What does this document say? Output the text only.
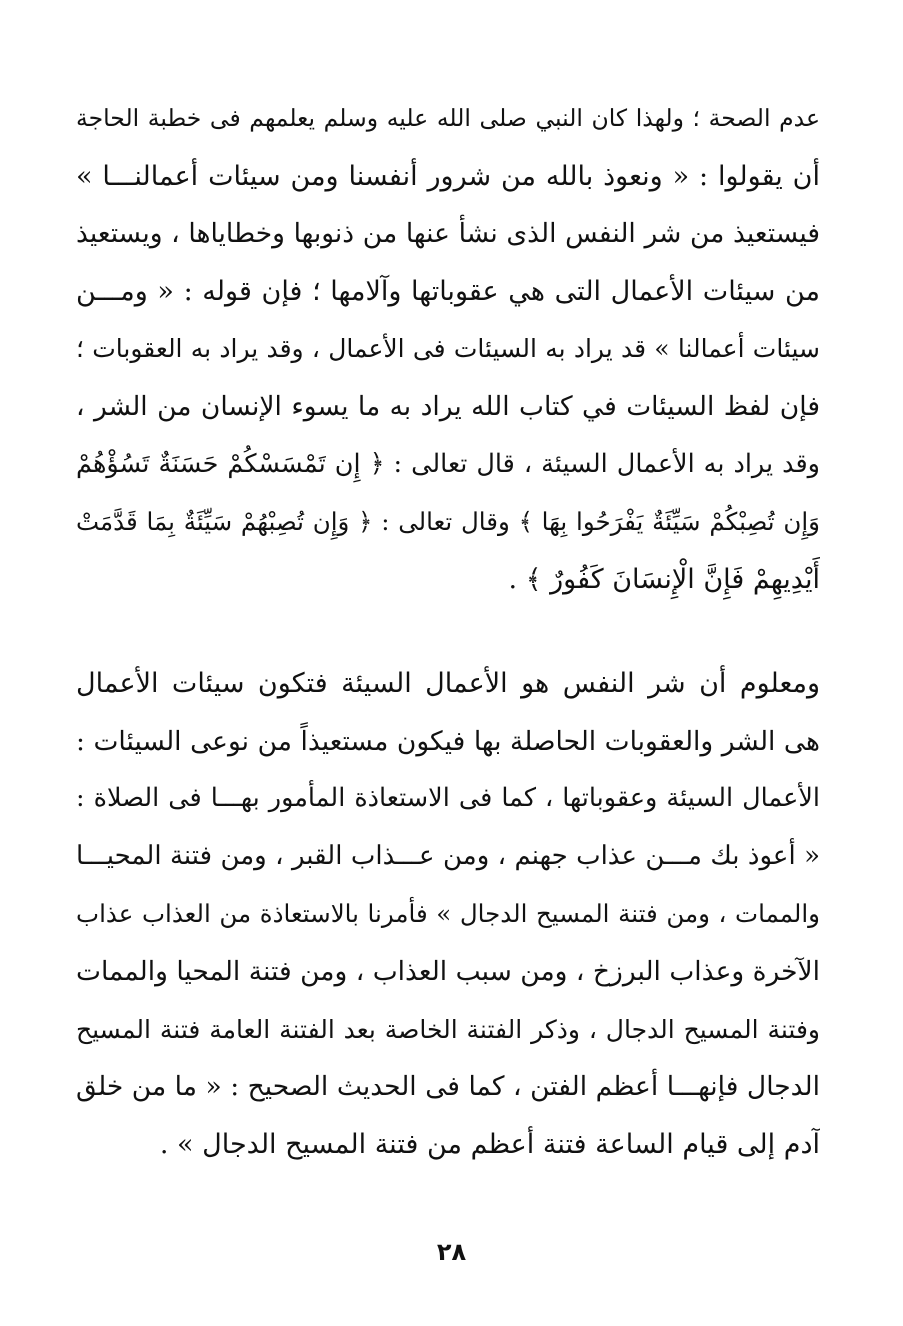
عدم الصحة ؛ ولهذا كان النبي صلى الله عليه وسلم يعلمهم فى خطبة الحاجة
أن يقولوا : « ونعوذ بالله من شرور أنفسنا ومن سيئات أعمالنـــا »
فيستعيذ من شر النفس الذى نشأ عنها من ذنوبها وخطاياها ، ويستعيذ
من سيئات الأعمال التى هي عقوباتها وآلامها ؛ فإن قوله : « ومـــن
سيئات أعمالنا » قد يراد به السيئات فى الأعمال ، وقد يراد به العقوبات ؛
فإن لفظ السيئات في كتاب الله يراد به ما يسوء الإنسان من الشر ،
وقد يراد به الأعمال السيئة ، قال تعالى : ﴿ إِن تَمْسَسْكُمْ حَسَنَةٌ تَسُؤْهُمْ
وَإِن تُصِبْكُمْ سَيِّئَةٌ يَفْرَحُوا بِهَا ﴾ وقال تعالى : ﴿ وَإِن تُصِبْهُمْ سَيِّئَةٌ بِمَا قَدَّمَتْ
أَيْدِيهِمْ فَإِنَّ الْإِنسَانَ كَفُورٌ ﴾ .
ومعلوم أن شر النفس هو الأعمال السيئة فتكون سيئات الأعمال
هى الشر والعقوبات الحاصلة بها فيكون مستعيذاً من نوعى السيئات :
الأعمال السيئة وعقوباتها ، كما فى الاستعاذة المأمور بهـــا فى الصلاة :
« أعوذ بك مـــن عذاب جهنم ، ومن عـــذاب القبر ، ومن فتنة المحيـــا
والممات ، ومن فتنة المسيح الدجال » فأمرنا بالاستعاذة من العذاب عذاب
الآخرة وعذاب البرزخ ، ومن سبب العذاب ، ومن فتنة المحيا والممات
وفتنة المسيح الدجال ، وذكر الفتنة الخاصة بعد الفتنة العامة فتنة المسيح
الدجال فإنهـــا أعظم الفتن ، كما فى الحديث الصحيح : « ما من خلق
آدم إلى قيام الساعة فتنة أعظم من فتنة المسيح الدجال » .
٢٨
